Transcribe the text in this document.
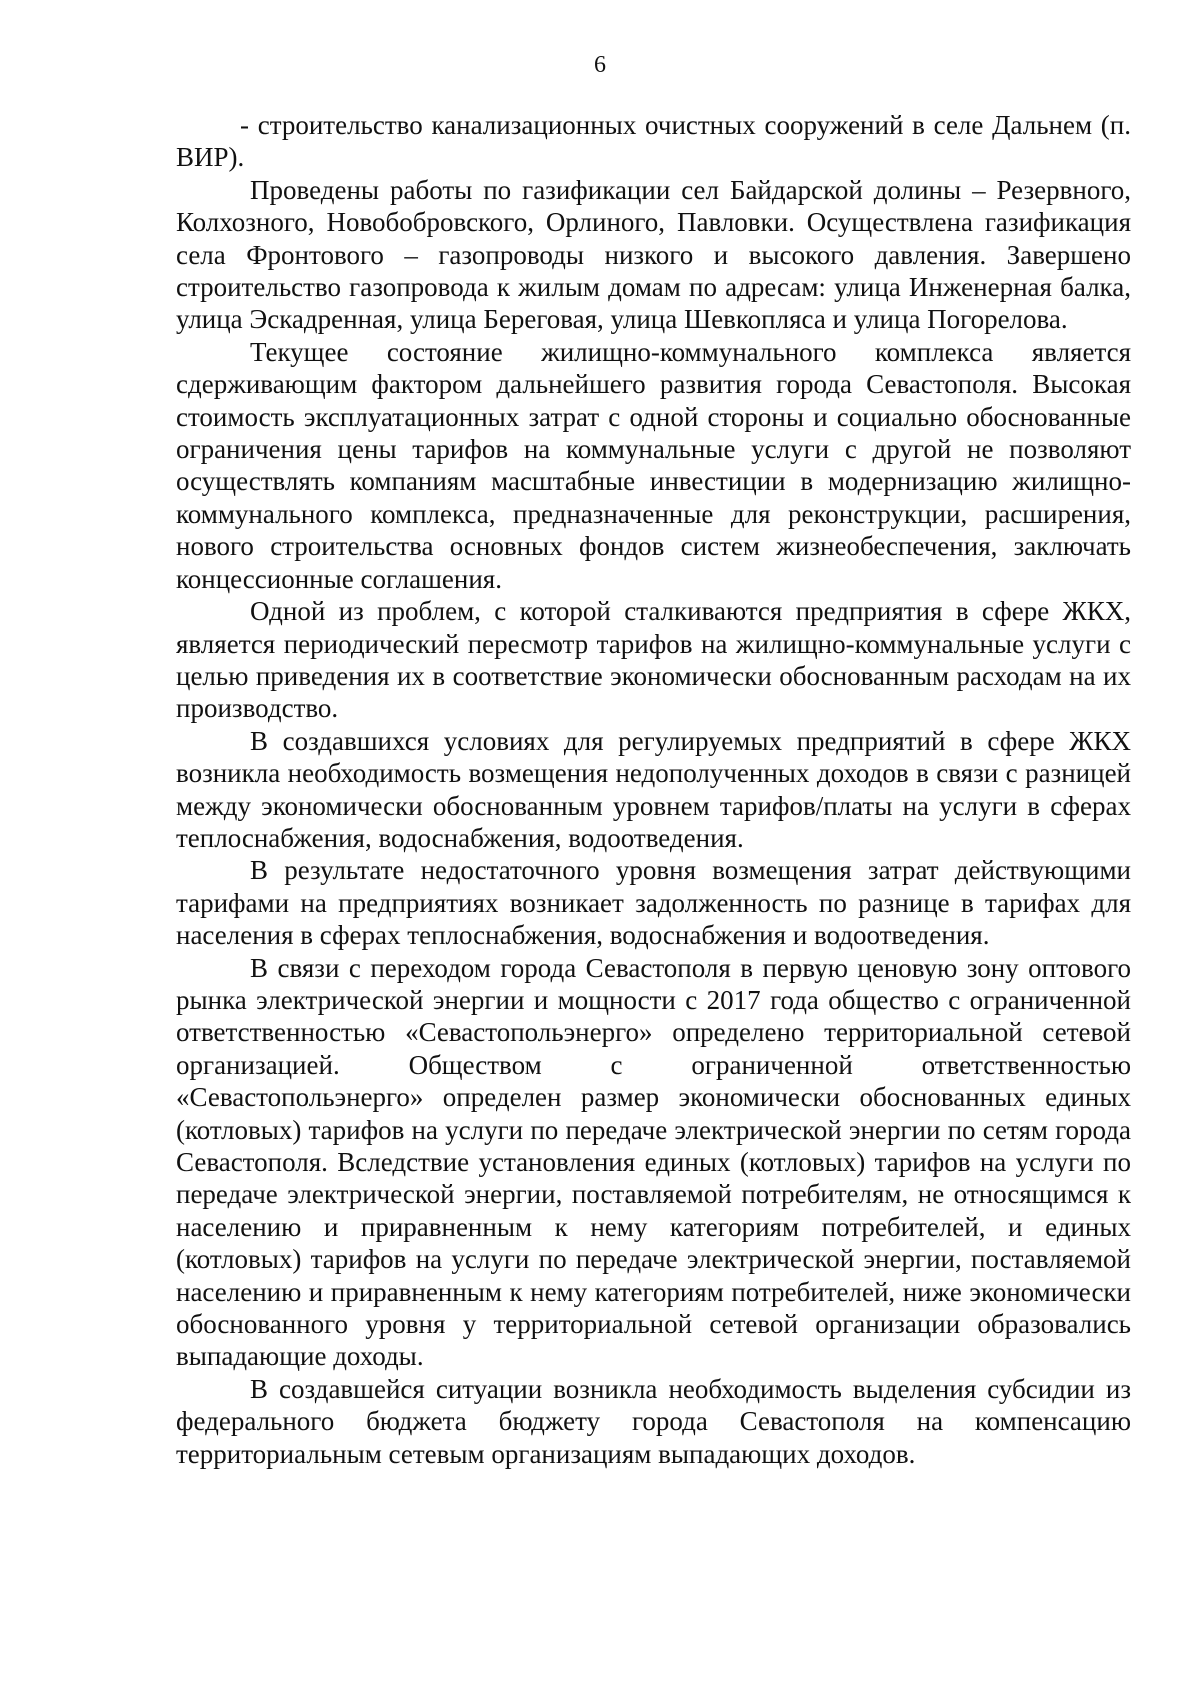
6

- строительство канализационных очистных сооружений в селе Дальнем (п. ВИР).

Проведены работы по газификации сел Байдарской долины – Резервного, Колхозного, Новобобровского, Орлиного, Павловки. Осуществлена газификация села Фронтового – газопроводы низкого и высокого давления. Завершено строительство газопровода к жилым домам по адресам: улица Инженерная балка, улица Эскадренная, улица Береговая, улица Шевкопляса и улица Погорелова.

Текущее состояние жилищно-коммунального комплекса является сдерживающим фактором дальнейшего развития города Севастополя. Высокая стоимость эксплуатационных затрат с одной стороны и социально обоснованные ограничения цены тарифов на коммунальные услуги с другой не позволяют осуществлять компаниям масштабные инвестиции в модернизацию жилищно-коммунального комплекса, предназначенные для реконструкции, расширения, нового строительства основных фондов систем жизнеобеспечения, заключать концессионные соглашения.

Одной из проблем, с которой сталкиваются предприятия в сфере ЖКХ, является периодический пересмотр тарифов на жилищно-коммунальные услуги с целью приведения их в соответствие экономически обоснованным расходам на их производство.

В создавшихся условиях для регулируемых предприятий в сфере ЖКХ возникла необходимость возмещения недополученных доходов в связи с разницей между экономически обоснованным уровнем тарифов/платы на услуги в сферах теплоснабжения, водоснабжения, водоотведения.

В результате недостаточного уровня возмещения затрат действующими тарифами на предприятиях возникает задолженность по разнице в тарифах для населения в сферах теплоснабжения, водоснабжения и водоотведения.

В связи с переходом города Севастополя в первую ценовую зону оптового рынка электрической энергии и мощности с 2017 года общество с ограниченной ответственностью «Севастопольэнерго» определено территориальной сетевой организацией. Обществом с ограниченной ответственностью «Севастопольэнерго» определен размер экономически обоснованных единых (котловых) тарифов на услуги по передаче электрической энергии по сетям города Севастополя. Вследствие установления единых (котловых) тарифов на услуги по передаче электрической энергии, поставляемой потребителям, не относящимся к населению и приравненным к нему категориям потребителей, и единых (котловых) тарифов на услуги по передаче электрической энергии, поставляемой населению и приравненным к нему категориям потребителей, ниже экономически обоснованного уровня у территориальной сетевой организации образовались выпадающие доходы.

В создавшейся ситуации возникла необходимость выделения субсидии из федерального бюджета бюджету города Севастополя на компенсацию территориальным сетевым организациям выпадающих доходов.
